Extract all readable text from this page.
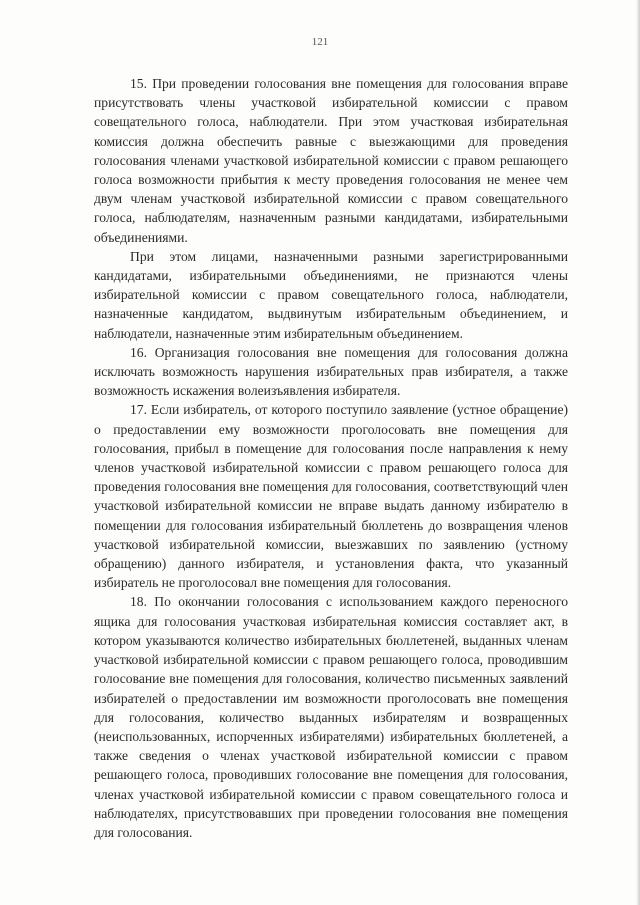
121

15. При проведении голосования вне помещения для голосования вправе присутствовать члены участковой избирательной комиссии с правом совещательного голоса, наблюдатели. При этом участковая избирательная комиссия должна обеспечить равные с выезжающими для проведения голосования членами участковой избирательной комиссии с правом решающего голоса возможности прибытия к месту проведения голосования не менее чем двум членам участковой избирательной комиссии с правом совещательного голоса, наблюдателям, назначенным разными кандидатами, избирательными объединениями.

При этом лицами, назначенными разными зарегистрированными кандидатами, избирательными объединениями, не признаются члены избирательной комиссии с правом совещательного голоса, наблюдатели, назначенные кандидатом, выдвинутым избирательным объединением, и наблюдатели, назначенные этим избирательным объединением.

16. Организация голосования вне помещения для голосования должна исключать возможность нарушения избирательных прав избирателя, а также возможность искажения волеизъявления избирателя.

17. Если избиратель, от которого поступило заявление (устное обращение) о предоставлении ему возможности проголосовать вне помещения для голосования, прибыл в помещение для голосования после направления к нему членов участковой избирательной комиссии с правом решающего голоса для проведения голосования вне помещения для голосования, соответствующий член участковой избирательной комиссии не вправе выдать данному избирателю в помещении для голосования избирательный бюллетень до возвращения членов участковой избирательной комиссии, выезжавших по заявлению (устному обращению) данного избирателя, и установления факта, что указанный избиратель не проголосовал вне помещения для голосования.

18. По окончании голосования с использованием каждого переносного ящика для голосования участковая избирательная комиссия составляет акт, в котором указываются количество избирательных бюллетеней, выданных членам участковой избирательной комиссии с правом решающего голоса, проводившим голосование вне помещения для голосования, количество письменных заявлений избирателей о предоставлении им возможности проголосовать вне помещения для голосования, количество выданных избирателям и возвращенных (неиспользованных, испорченных избирателями) избирательных бюллетеней, а также сведения о членах участковой избирательной комиссии с правом решающего голоса, проводивших голосование вне помещения для голосования, членах участковой избирательной комиссии с правом совещательного голоса и наблюдателях, присутствовавших при проведении голосования вне помещения для голосования.
